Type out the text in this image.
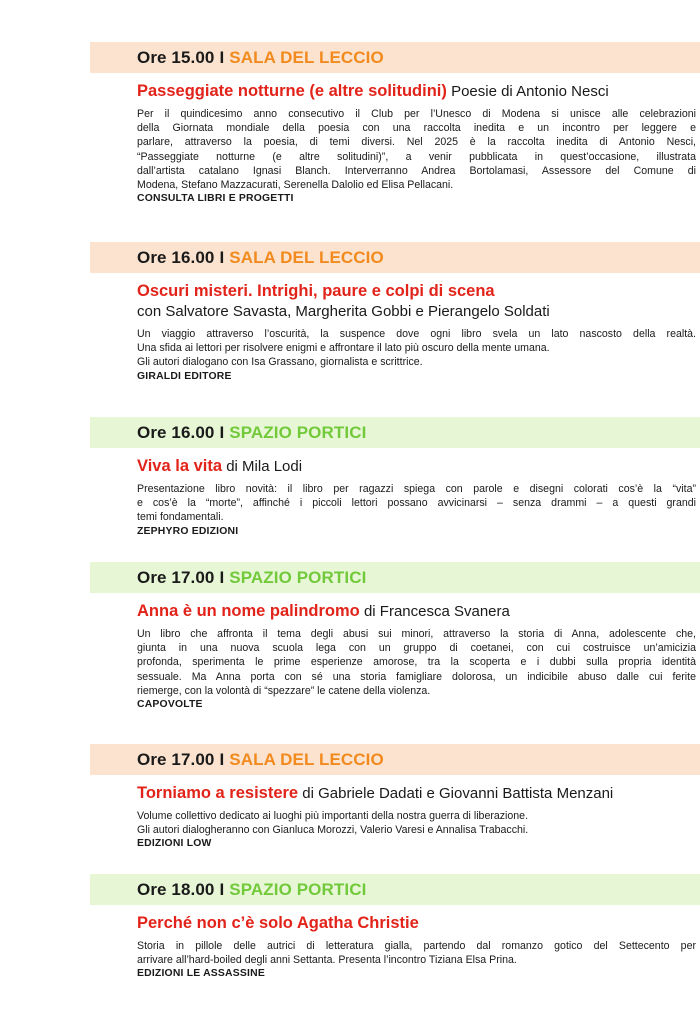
Ore 15.00 I SALA DEL LECCIO
Passeggiate notturne (e altre solitudini) Poesie di Antonio Nesci
Per il quindicesimo anno consecutivo il Club per l’Unesco di Modena si unisce alle celebrazioni
della Giornata mondiale della poesia con una raccolta inedita e un incontro per leggere e
parlare, attraverso la poesia, di temi diversi. Nel 2025 è la raccolta inedita di Antonio Nesci,
“Passeggiate notturne (e altre solitudini)”, a venir pubblicata in quest’occasione, illustrata
dall’artista catalano Ignasi Blanch. Interverranno Andrea Bortolamasi, Assessore del Comune di
Modena, Stefano Mazzacurati, Serenella Dalolio ed Elisa Pellacani.
CONSULTA LIBRI E PROGETTI
Ore 16.00 I SALA DEL LECCIO
Oscuri misteri. Intrighi, paure e colpi di scena
con Salvatore Savasta, Margherita Gobbi e Pierangelo Soldati
Un viaggio attraverso l’oscurità, la suspence dove ogni libro svela un lato nascosto della realtà.
Una sfida ai lettori per risolvere enigmi e affrontare il lato più oscuro della mente umana.
Gli autori dialogano con Isa Grassano, giornalista e scrittrice.
GIRALDI EDITORE
Ore 16.00 I SPAZIO PORTICI
Viva la vita di Mila Lodi
Presentazione libro novità: il libro per ragazzi spiega con parole e disegni colorati cos’è la “vita”
e cos’è la “morte”, affinché i piccoli lettori possano avvicinarsi – senza drammi – a questi grandi
temi fondamentali.
ZEPHYRO EDIZIONI
Ore 17.00 I SPAZIO PORTICI
Anna è un nome palindromo di Francesca Svanera
Un libro che affronta il tema degli abusi sui minori, attraverso la storia di Anna, adolescente che,
giunta in una nuova scuola lega con un gruppo di coetanei, con cui costruisce un’amicizia
profonda, sperimenta le prime esperienze amorose, tra la scoperta e i dubbi sulla propria identità
sessuale. Ma Anna porta con sé una storia famigliare dolorosa, un indicibile abuso dalle cui ferite
riemerge, con la volontà di “spezzare” le catene della violenza.
CAPOVOLTE
Ore 17.00 I SALA DEL LECCIO
Torniamo a resistere di Gabriele Dadati e Giovanni Battista Menzani
Volume collettivo dedicato ai luoghi più importanti della nostra guerra di liberazione.
Gli autori dialogheranno con Gianluca Morozzi, Valerio Varesi e Annalisa Trabacchi.
EDIZIONI LOW
Ore 18.00 I SPAZIO PORTICI
Perché non c’è solo Agatha Christie
Storia in pillole delle autrici di letteratura gialla, partendo dal romanzo gotico del Settecento per
arrivare all’hard-boiled degli anni Settanta. Presenta l’incontro Tiziana Elsa Prina.
EDIZIONI LE ASSASSINE
